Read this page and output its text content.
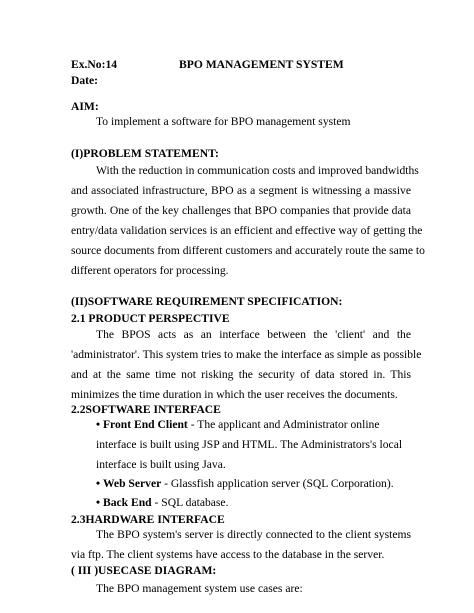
Ex.No:14	BPO MANAGEMENT SYSTEM
Date:
AIM:
To implement a software for BPO management system
(I)PROBLEM STATEMENT:
With the reduction in communication costs and improved bandwidths
and associated infrastructure, BPO as a segment is witnessing a massive
growth. One of the key challenges that BPO companies that provide data
entry/data validation services is an efficient and effective way of getting the
source documents from different customers and accurately route the same to
different operators for processing.
(II)SOFTWARE REQUIREMENT SPECIFICATION:
2.1 PRODUCT PERSPECTIVE
The BPOS acts as an interface between the 'client' and the
'administrator'. This system tries to make the interface as simple as possible
and at the same time not risking the security of data stored in. This
minimizes the time duration in which the user receives the documents.
2.2SOFTWARE INTERFACE
• Front End Client - The applicant and Administrator online
interface is built using JSP and HTML. The Administrators's local
interface is built using Java.
• Web Server - Glassfish application server (SQL Corporation).
• Back End - SQL database.
2.3HARDWARE INTERFACE
The BPO system's server is directly connected to the client systems
via ftp. The client systems have access to the database in the server.
( III )USECASE DIAGRAM:
The BPO management system use cases are:
